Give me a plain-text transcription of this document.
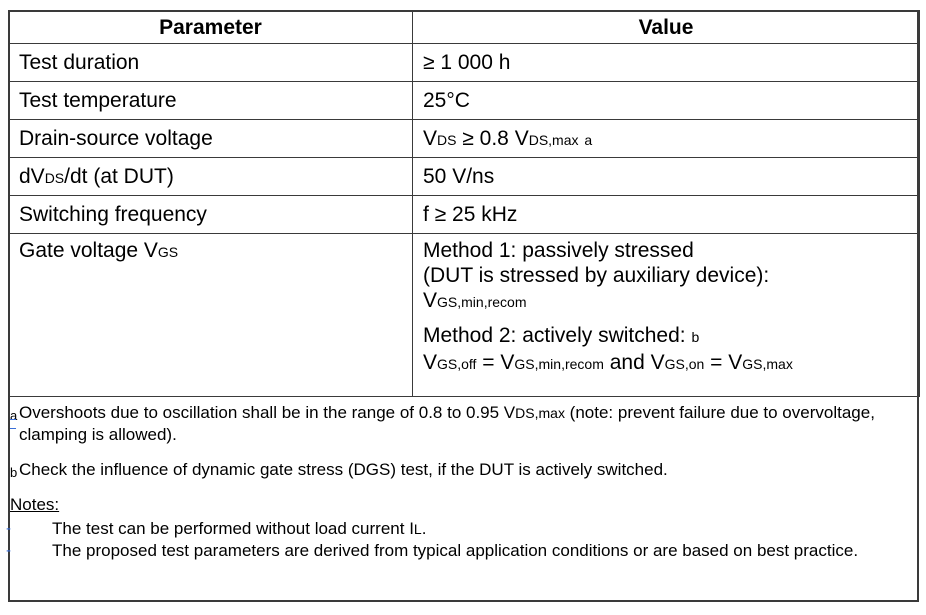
Parameter	Value
Test duration	≥ 1 000 h
Test temperature	25°C
Drain-source voltage	VDS ≥ 0.8 VDS,max a
dVDS/dt (at DUT)	50 V/ns
Switching frequency	f ≥ 25 kHz
Gate voltage VGS	Method 1: passively stressed

(DUT is stressed by auxiliary device):

VGS,min,recom

Method 2: actively switched: b

VGS,off = VGS,min,recom and VGS,on = VGS,max

a Overshoots due to oscillation shall be in the range of 0.8 to 0.95 VDS,max (note: prevent failure due to overvoltage, clamping is allowed).
b Check the influence of dynamic gate stress (DGS) test, if the DUT is actively switched.
Notes:
- The test can be performed without load current IL.
- The proposed test parameters are derived from typical application conditions or are based on best practice.
